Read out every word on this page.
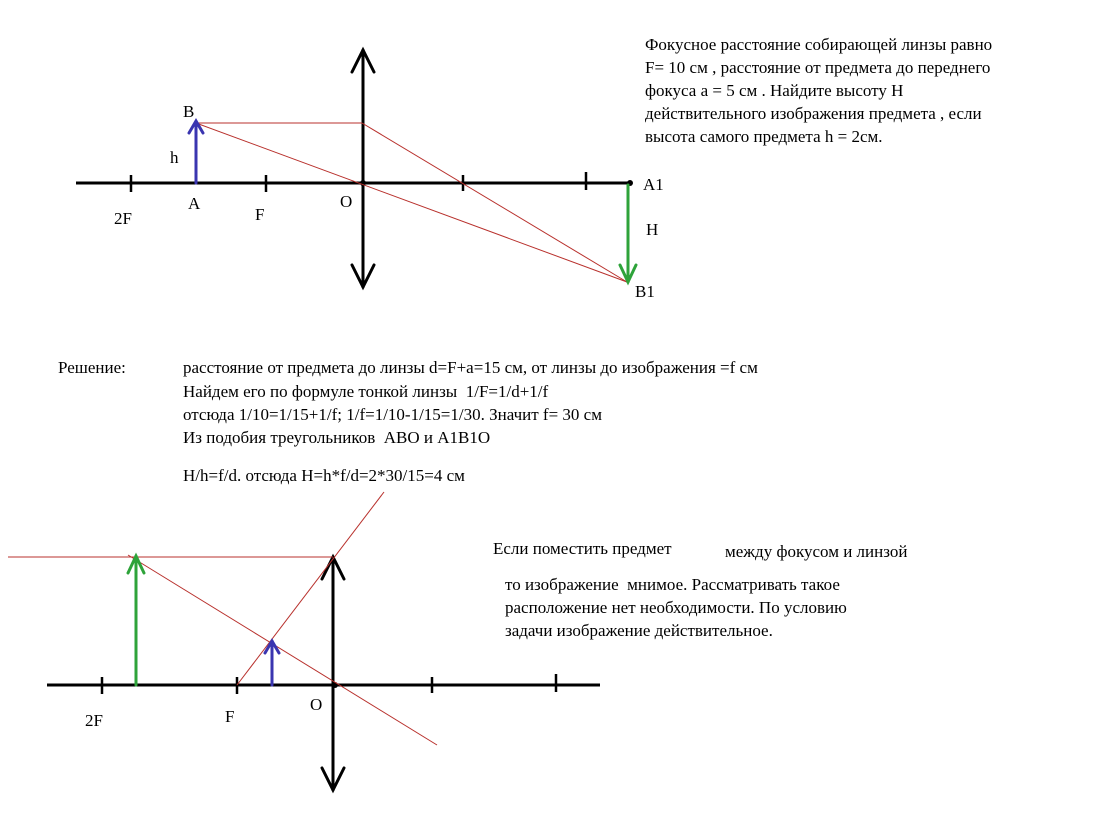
B
h
A
2F	F
O
A1
H
B1
2F	F
O
Фокусное расстояние собирающей линзы равно
F= 10 см , расстояние от предмета до переднего
фокуса а = 5 см . Найдите высоту Н
действительного изображения предмета , если
высота самого предмета h = 2см.
Решение:	расстояние от предмета до линзы d=F+a=15 см, от линзы до изображения =f см
Найдем его по формуле тонкой линзы  1/F=1/d+1/f
отсюда 1/10=1/15+1/f; 1/f=1/10-1/15=1/30. Значит f= 30 см
Из подобия треугольников  АВО и А1В1О
H/h=f/d. отсюда H=h*f/d=2*30/15=4 см
Если поместить предмет	между фокусом и линзой
то изображение  мнимое. Рассматривать такое
расположение нет необходимости. По условию
задачи изображение действительное.
